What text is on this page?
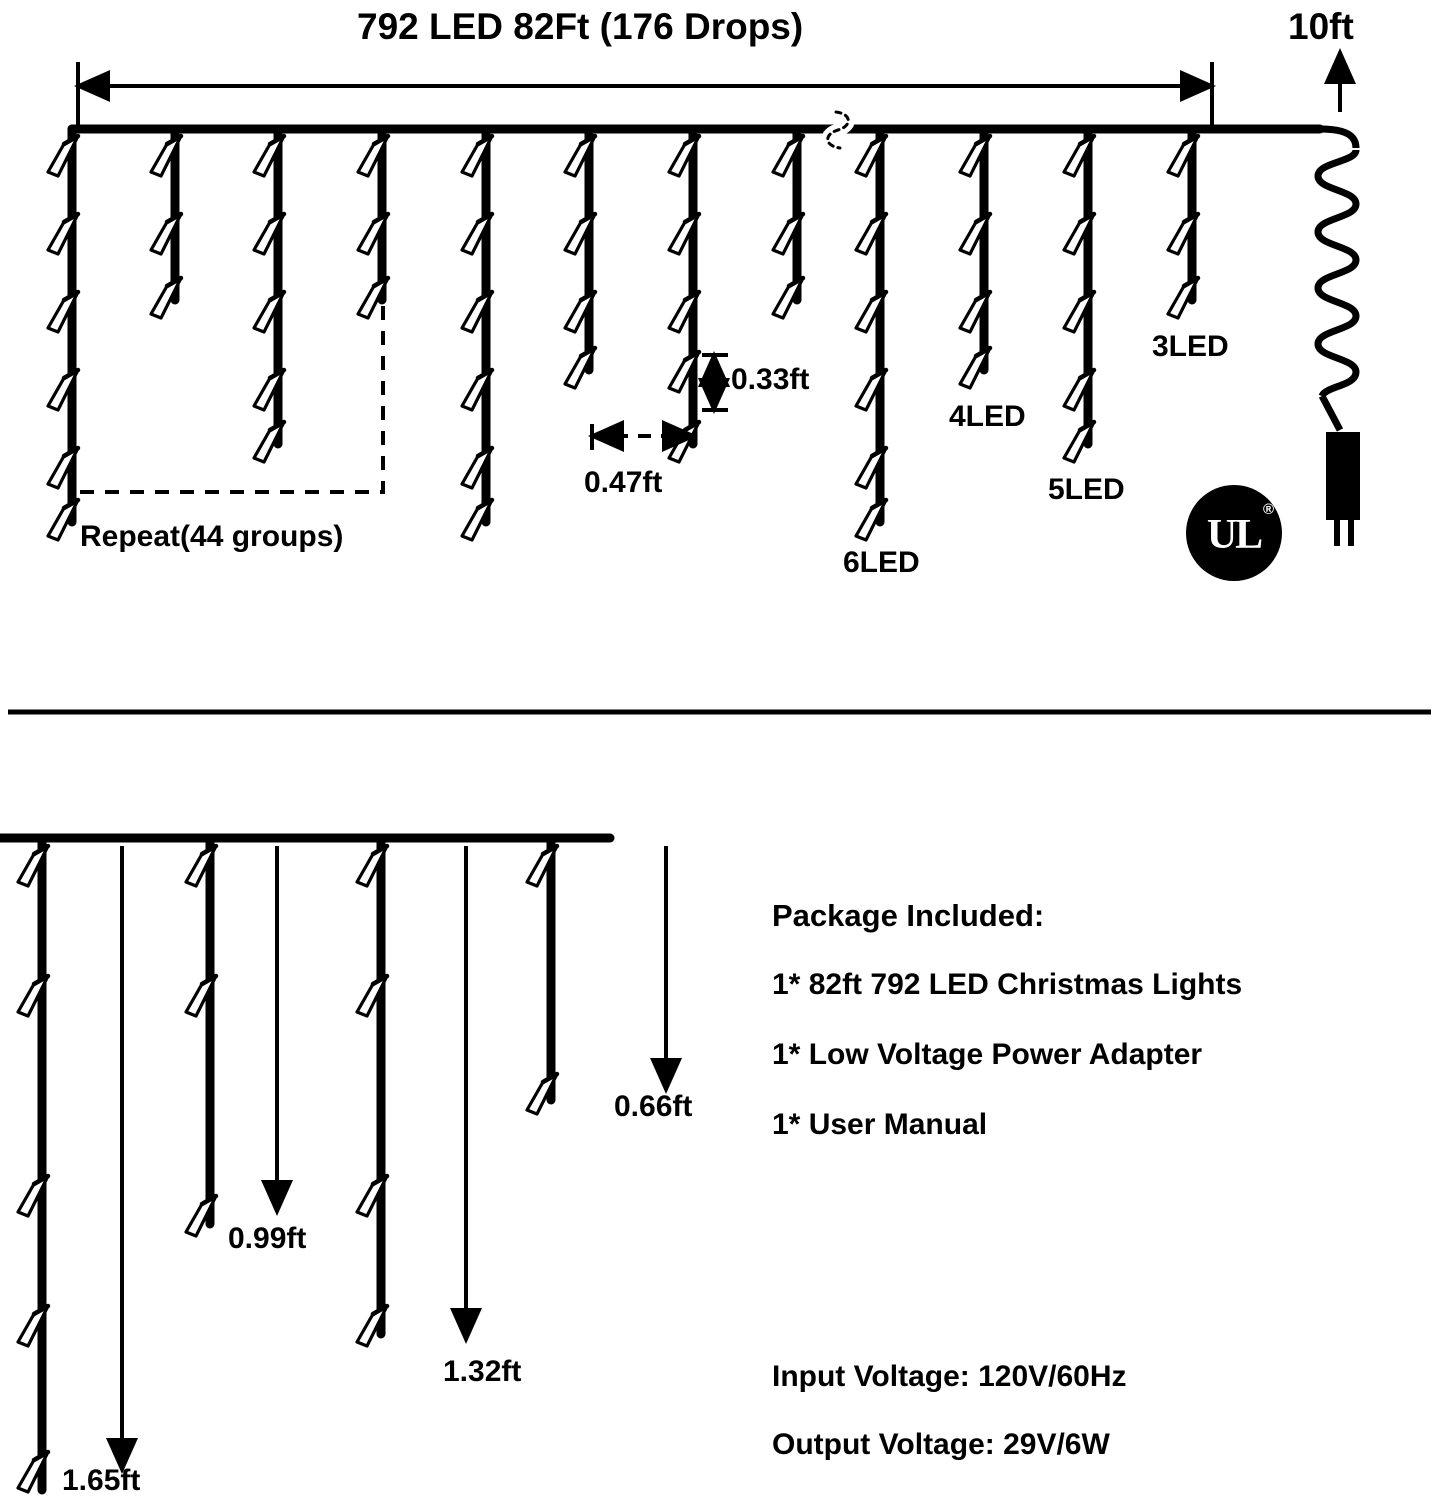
792 LED 82Ft (176 Drops)	10ft
Repeat(44 groups)
0.33ft
0.47ft
3LED
4LED
5LED
6LED
UL
®
0.66ft
0.99ft
1.32ft
1.65ft
Package Included:
1* 82ft 792 LED Christmas Lights
1* Low Voltage Power Adapter
1* User Manual
Input Voltage: 120V/60Hz
Output Voltage: 29V/6W
